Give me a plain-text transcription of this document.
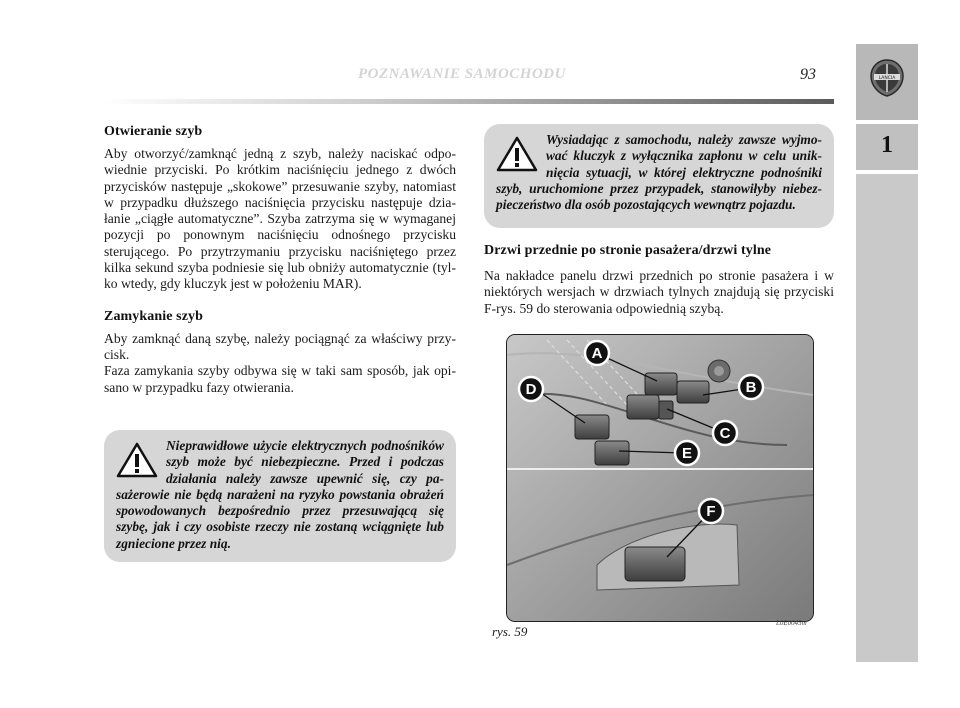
POZNAWANIE SAMOCHODU	93	LANCIA
1
Otwieranie szyb

Aby otworzyć/zamknąć jedną z szyb, należy naciskać odpowiednie przyciski. Po krótkim naciśnięciu jednego z dwóch przycisków następuje „skokowe” przesuwanie szyby, natomiast w przypadku dłuższego naciśnięcia przycisku następuje działanie „ciągłe automatyczne”. Szyba zatrzyma się w wymaganej pozycji po ponownym naciśnięciu odnośnego przycisku sterującego. Po przytrzymaniu przycisku naciśniętego przez kilka sekund szyba podniesie się lub obniży automatycznie (tylko wtedy, gdy kluczyk jest w położeniu MAR).

Zamykanie szyb

Aby zamknąć daną szybę, należy pociągnąć za właściwy przycisk.

Faza zamykania szyby odbywa się w taki sam sposób, jak opisano w przypadku fazy otwierania.

Nieprawidłowe użycie elektrycznych podnośników szyb może być niebezpieczne. Przed i podczas działania należy zawsze upewnić się, czy pasażerowie nie będą narażeni na ryzyko powstania obrażeń spowodowanych bezpośrednio przez przesuwającą się szybę, jak i czy osobiste rzeczy nie zostaną wciągnięte lub zgniecione przez nią.
Wysiadając z samochodu, należy zawsze wyjmować kluczyk z wyłącznika zapłonu w celu uniknięcia sytuacji, w której elektryczne podnośniki szyb, uruchomione przez przypadek, stanowiłyby niebezpieczeństwo dla osób pozostających wewnątrz pojazdu.
Drzwi przednie po stronie pasażera/drzwi tylne

Na nakładce panelu drzwi przednich po stronie pasażera i w niektórych wersjach w drzwiach tylnych znajdują się przyciski F-rys. 59 do sterowania odpowiednią szybą.

A
B
C
D
E
F
rys. 59
L0E0045m
